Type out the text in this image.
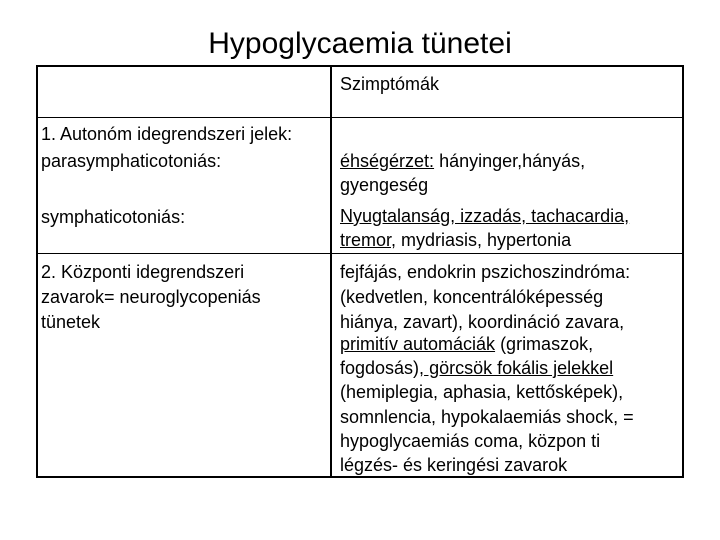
Hypoglycaemia tünetei
Szimptómák
1. Autonóm idegrendszeri jelek:
parasymphaticotoniás:	éhségérzet: hányinger,hányás,
gyengeség
symphaticotoniás:	Nyugtalanság, izzadás, tachacardia,
tremor, mydriasis, hypertonia
2. Központi idegrendszeri
zavarok= neuroglycopeniás
tünetek
fejfájás, endokrin pszichoszindróma:
(kedvetlen, koncentrálóképesség
hiánya, zavart), koordináció zavara,
primitív automáciák (grimaszok,
fogdosás), görcsök fokális jelekkel
(hemiplegia, aphasia, kettősképek),
somnlencia, hypokalaemiás shock, =
hypoglycaemiás coma, közpon ti
légzés- és keringési zavarok
